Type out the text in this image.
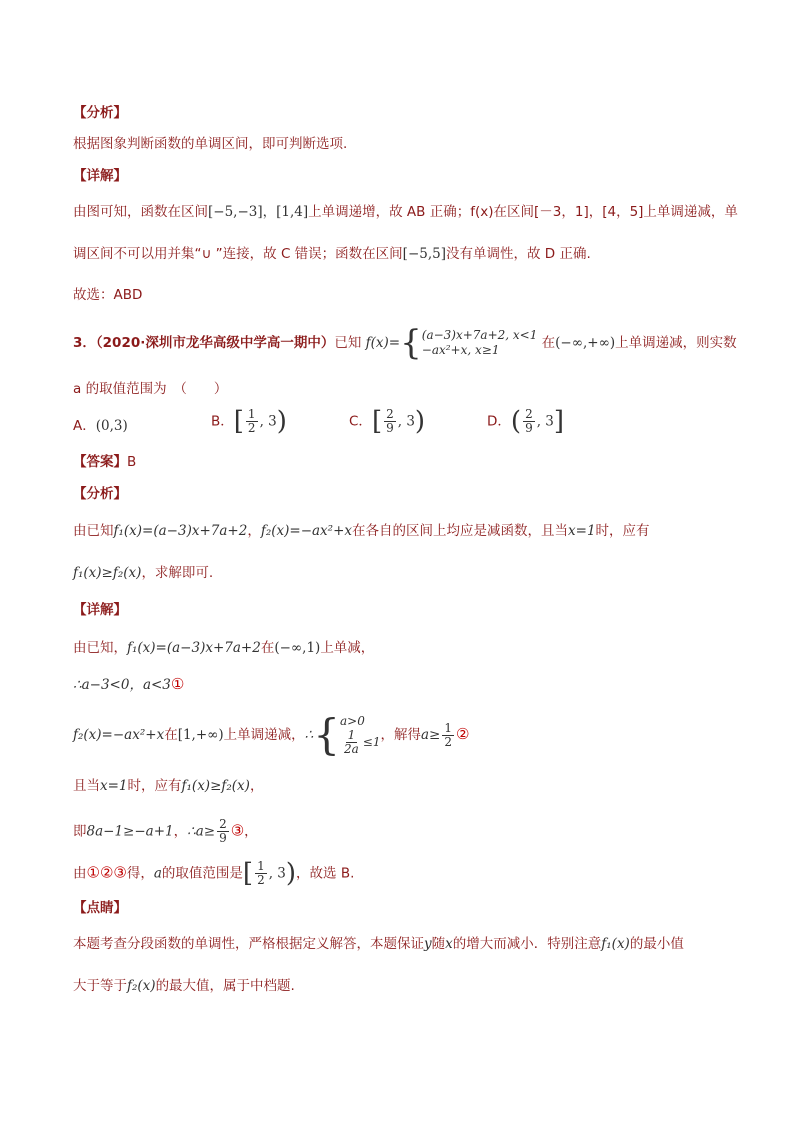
【分析】
根据图象判断函数的单调区间，即可判断选项.
【详解】
由图可知，函数在区间[−5,−3]，[1,4]上单调递增，故 AB 正确；f(x)在区间[－3，1]，[4，5]上单调递减，单
调区间不可以用并集“∪ ”连接，故 C 错误；函数在区间[−5,5]没有单调性，故 D 正确.
故选：ABD
3．（2020·深圳市龙华高级中学高一期中）已知 f(x)={ (a−3)x+7a+2, x<1
−ax²+x, x≥1	在(−∞,+∞)上单调递减，则实数
a 的取值范围为　（　　）
A．(0,3)	B．[ $\frac{1}{2}$ , 3)	C．[ $\frac{2}{9}$ , 3)	D．( $\frac{2}{9}$ , 3]
【答案】B
【分析】
由已知f₁(x)=(a−3)x+7a+2，f₂(x)=−ax²+x在各自的区间上均应是减函数，且当x=1时，应有
f₁(x)≥f₂(x)，求解即可.
【详解】
由已知，f₁(x)=(a−3)x+7a+2在(−∞,1)上单减，
∴a−3<0，a<3①
f₂(x)=−ax²+x在[1,+∞)上单调递减，∴{ a>0
$\frac{1}{2a} \le 1$ ，解得$a\ge \frac{1}{2}$ ②
且当x=1时，应有f₁(x)≥f₂(x)，
即8a−1≥−a+1，∴a≥ $\frac{2}{9}$ ③，
由①②③得，a的取值范围是[ $\frac{1}{2}$ , 3)，故选 B.
【点睛】
本题考查分段函数的单调性，严格根据定义解答，本题保证y随x的增大而减小．特别注意f₁(x)的最小值
大于等于f₂(x)的最大值，属于中档题.
